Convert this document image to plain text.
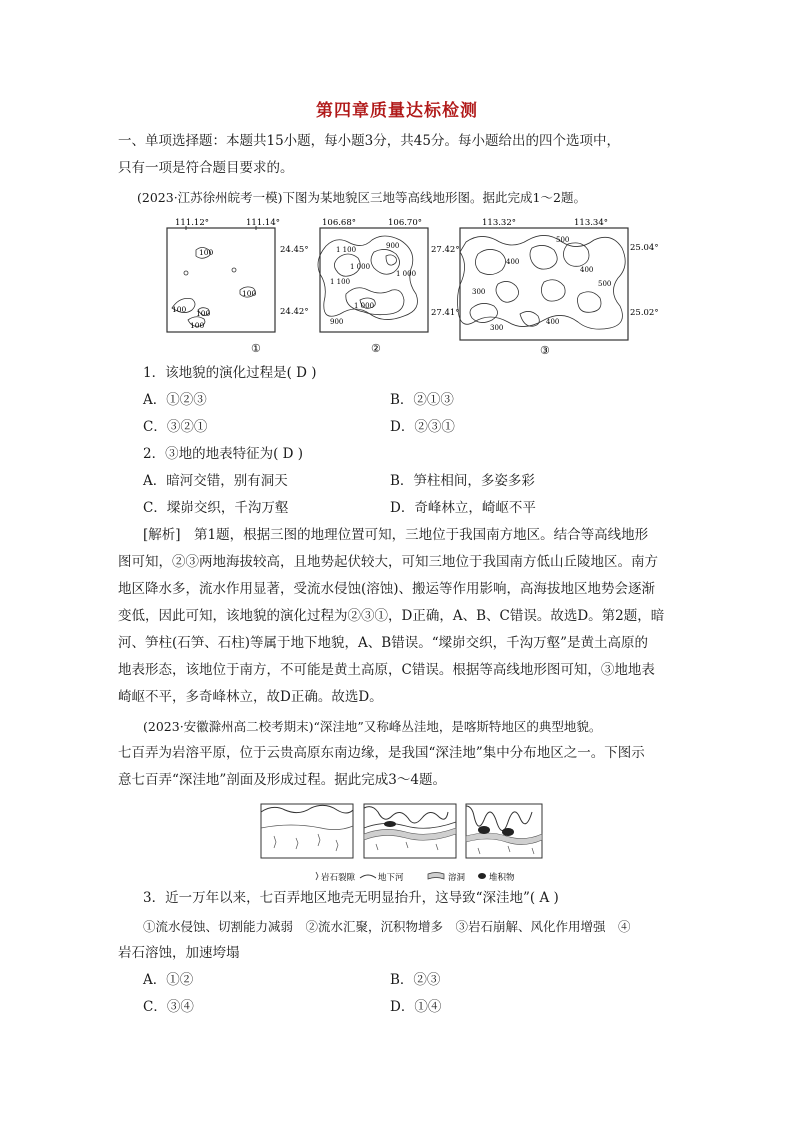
第四章质量达标检测
一、单项选择题：本题共15小题，每小题3分，共45分。每小题给出的四个选项中，
只有一项是符合题目要求的。
(2023·江苏徐州皖考一模)下图为某地貌区三地等高线地形图。据此完成1～2题。
111.12°	111.14°
24.45°
24.42°
100
100
100 100
100
①
106.68°	106.70°
27.42°
27.41°
1 100
1 000
900
1 000
1 100
1 000
900
②
113.32°	113.34°
25.04°
25.02°
500
400
400
300
300
500
400
③
1．该地貌的演化过程是( D )
A．①②③	B．②①③
C．③②①	D．②③①
2．③地的地表特征为( D )
A．暗河交错，别有洞天	B．笋柱相间，多姿多彩
C．墚峁交织，千沟万壑	D．奇峰林立，崎岖不平
[解析]　第1题，根据三图的地理位置可知，三地位于我国南方地区。结合等高线地形
图可知，②③两地海拔较高，且地势起伏较大，可知三地位于我国南方低山丘陵地区。南方
地区降水多，流水作用显著，受流水侵蚀(溶蚀)、搬运等作用影响，高海拔地区地势会逐渐
变低，因此可知，该地貌的演化过程为②③①，D正确，A、B、C错误。故选D。第2题，暗
河、笋柱(石笋、石柱)等属于地下地貌，A、B错误。“墚峁交织，千沟万壑”是黄土高原的
地表形态，该地位于南方，不可能是黄土高原，C错误。根据等高线地形图可知，③地地表
崎岖不平，多奇峰林立，故D正确。故选D。
(2023·安徽滁州高二校考期末)“深洼地”又称峰丛洼地，是喀斯特地区的典型地貌。
七百弄为岩溶平原，位于云贵高原东南边缘，是我国“深洼地”集中分布地区之一。下图示
意七百弄“深洼地”剖面及形成过程。据此完成3～4题。
岩石裂隙	地下河	溶洞	堆积物
3．近一万年以来，七百弄地区地壳无明显抬升，这导致“深洼地”( A )
①流水侵蚀、切割能力减弱　②流水汇聚，沉积物增多　③岩石崩解、风化作用增强　④
岩石溶蚀，加速垮塌
A．①②	B．②③
C．③④	D．①④
